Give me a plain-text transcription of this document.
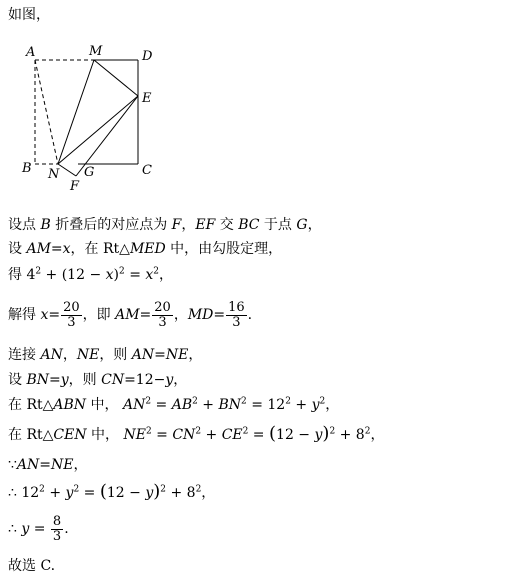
如图，
A	M	D
E
B N G	C
F
设点 B 折叠后的对应点为 F，EF 交 BC 于点 G，
设 AM=x，在 Rt△MED 中，由勾股定理，
得 $4^2 + (12 - x)^2 = x^2$，
解得 $x= \frac{20}{3}$ ，即 $AM= \frac{20}{3}$ ，$MD= \frac{16}{3}$ .
连接 AN，NE，则 AN=NE，
设 BN=y，则 CN=12−y，
在 Rt△ABN 中， $AN^2 = AB^2 + BN^2 = 12^2 + y^2$，
在 Rt△CEN 中， $NE^2 = CN^2 + CE^2 = (12 - y)^2 + 8^2$，
∵AN=NE，
∴ $12^2 + y^2 = (12 - y)^2 + 8^2$，
∴ $y = \frac{8}{3}$ .
故选 C.
